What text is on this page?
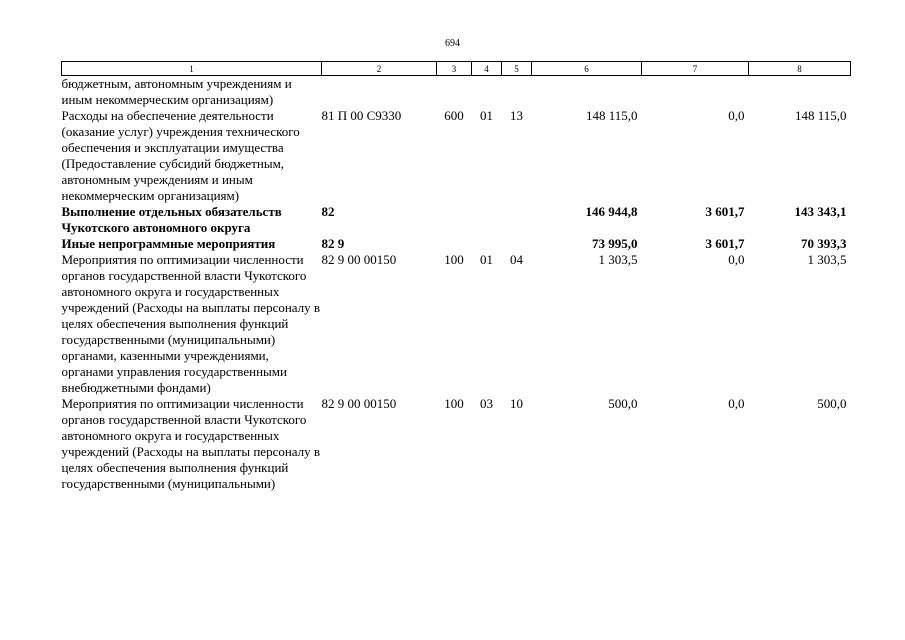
694
1	2	3	4	5	6	7	8
бюджетным, автономным учреждениям и иным некоммерческим организациям)							
Расходы на обеспечение деятельности (оказание услуг) учреждения технического обеспечения и эксплуатации имущества (Предоставление субсидий бюджетным, автономным учреждениям и иным некоммерческим организациям)	81 П 00 С9330	600	01	13	148 115,0	0,0	148 115,0
Выполнение отдельных обязательств Чукотского автономного округа	82				146 944,8	3 601,7	143 343,1
Иные непрограммные мероприятия	82 9				73 995,0	3 601,7	70 393,3
Мероприятия по оптимизации численности органов государственной власти Чукотского автономного округа и государственных учреждений (Расходы на выплаты персоналу в целях обеспечения выполнения функций государственными (муниципальными) органами, казенными учреждениями, органами управления государственными внебюджетными фондами)	82 9 00 00150	100	01	04	1 303,5	0,0	1 303,5
Мероприятия по оптимизации численности органов государственной власти Чукотского автономного округа и государственных учреждений (Расходы на выплаты персоналу в целях обеспечения выполнения функций государственными (муниципальными)	82 9 00 00150	100	03	10	500,0	0,0	500,0
